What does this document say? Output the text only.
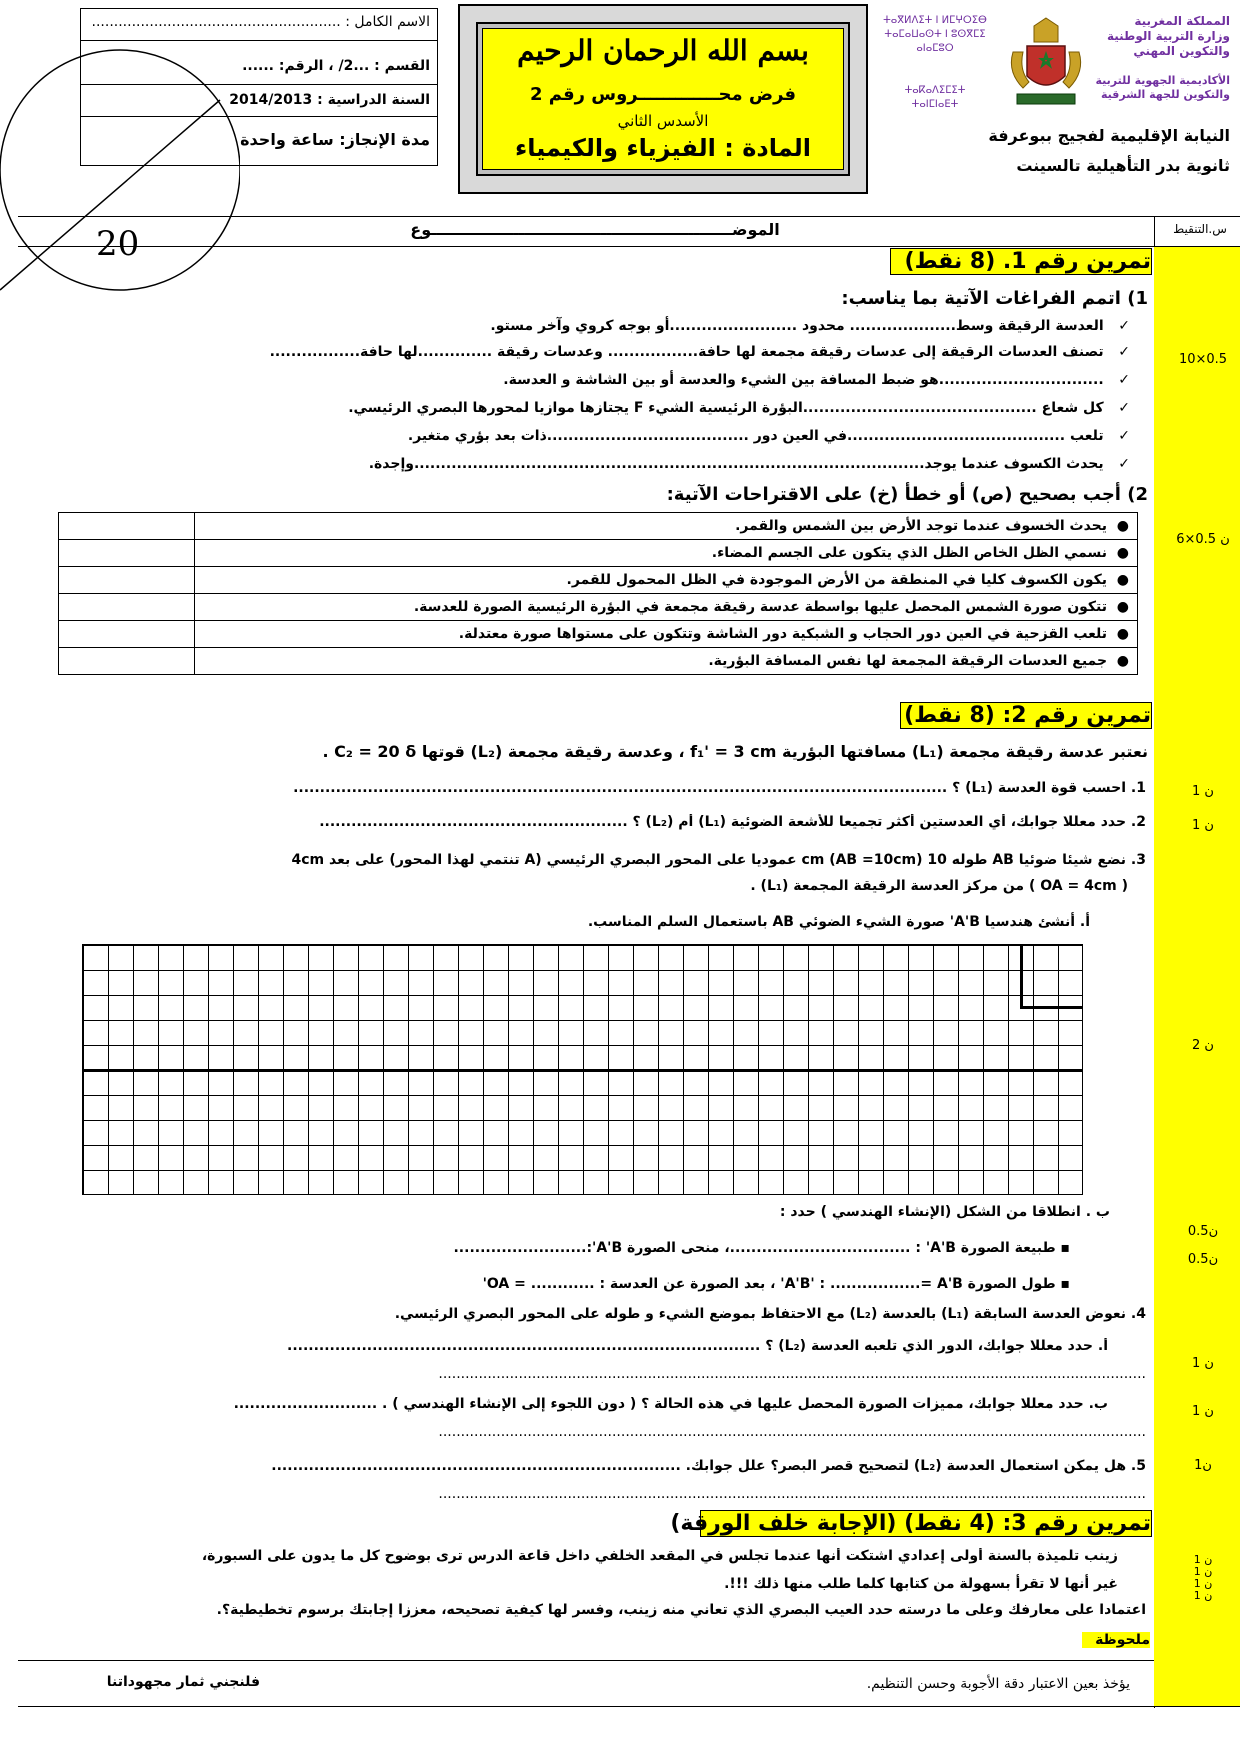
الاسم الكامل : ........................................................
القسم : ...2/ ، الرقم: ......
السنة الدراسية : 2014/2013
مدة الإنجاز: ساعة واحدة
بسم الله الرحمان الرحيم
فرض محـــــــــــــروس رقم 2
الأسدس الثاني
المادة : الفيزياء والكيمياء
المملكة المغربية
وزارة التربية الوطنية والتكوين المهني
الأكاديمية الجهوية للتربية والتكوين للجهة الشرقية
ⵜⴰⴳⵍⴷⵉⵜ ⵏ ⵍⵎⵖⵔⵉⴱ
ⵜⴰⵎⴰⵡⴰⵙⵜ ⵏ ⵓⵙⴳⵎⵉ ⴰⵏⴰⵎⵓⵔ
ⵜⴰⴽⴰⴷⵉⵎⵉⵜ ⵜⴰⵏⵎⵏⴰⴹⵜ
النيابة الإقليمية لفجيج ببوعرفة
ثانوية بدر التأهيلية تالسينت
20	الموضـــــــــــــــــــــــــــــــــــــــــــــــــــــــوع	س.التنقيط
تمرين رقم 1. (8 نقط)
1) اتمم الفراغات الآتية بما يناسب:
10×0.5
✓   العدسة الرقيقة وسط.................... محدود ........................أو بوجه كروي وآخر مستو.
✓   تصنف العدسات الرقيقة إلى عدسات رقيقة مجمعة لها حافة................. وعدسات رقيقة ..............لها حافة.................
✓   ...............................هو ضبط المسافة بين الشيء والعدسة أو بين الشاشة و العدسة.
✓   كل شعاع ............................................البؤرة الرئيسية الشيء F يجتازها موازيا لمحورها البصري الرئيسي.
✓   تلعب .........................................في العين دور ......................................ذات بعد بؤري متغير.
✓   يحدث الكسوف عندما يوجد................................................................................................وإجدة.
2) أجب بصحيح (ص) أو خطأ (خ) على الاقتراحات الآتية:
6×0.5 ن
●  يحدث الخسوف عندما توجد الأرض بين الشمس والقمر.	
●  نسمي الظل الخاص الظل الذي يتكون على الجسم المضاء.	
●  يكون الكسوف كليا في المنطقة من الأرض الموجودة في الظل المحمول للقمر.	
●  تتكون صورة الشمس المحصل عليها بواسطة عدسة رقيقة مجمعة في البؤرة الرئيسية الصورة للعدسة.	
●  تلعب القزحية في العين دور الحجاب و الشبكية دور الشاشة وتتكون على مستواها صورة معتدلة.	
●  جميع العدسات الرقيقة المجمعة لها نفس المسافة البؤرية.	
تمرين رقم 2: (8 نقط)
نعتبر عدسة رقيقة مجمعة (L₁) مسافتها البؤرية f₁' = 3 cm ، وعدسة رقيقة مجمعة (L₂) قوتها C₂ = 20 δ .
1. احسب قوة العدسة (L₁) ؟ ...........................................................................................................................	1 ن
2. حدد معللا جوابك، أي العدستين أكثر تجميعا للأشعة الضوئية (L₁) أم (L₂) ؟ ..........................................................	1 ن
3. نضع شيئا ضوئيا AB طوله 10 cm (AB =10cm) عموديا على المحور البصري الرئيسي (A تنتمي لهذا المحور) على بعد 4cm
( OA = 4cm ) من مركز العدسة الرقيقة المجمعة (L₁) .
أ. أنشئ هندسيا A'B' صورة الشيء الضوئي AB باستعمال السلم المناسب.
2 ن
ب . انطلاقا من الشكل (الإنشاء الهندسي ) حدد :
▪ طبيعة الصورة A'B' : ..................................، منحى الصورة A'B':.........................
0.5ن
▪ طول الصورة A'B' : .................= A'B' ، بعد الصورة عن العدسة : ............ = OA'
0.5ن
4. نعوض العدسة السابقة (L₁) بالعدسة (L₂) مع الاحتفاظ بموضع الشيء و طوله على المحور البصري الرئيسي.
أ. حدد معللا جوابك، الدور الذي تلعبه العدسة (L₂) ؟ .........................................................................................
...............................................................................................................................................................
1 ن
ب. حدد معللا جوابك، مميزات الصورة المحصل عليها في هذه الحالة ؟ ( دون اللجوء إلى الإنشاء الهندسي ) . ...........................
...............................................................................................................................................................
1 ن
5. هل يمكن استعمال العدسة (L₂) لتصحيح قصر البصر؟ علل جوابك. .............................................................................
...............................................................................................................................................................
1ن
تمرين رقم 3: (4 نقط) (الإجابة خلف الورقة)
زينب تلميذة بالسنة أولى إعدادي اشتكت أنها عندما تجلس في المقعد الخلفي داخل قاعة الدرس ترى بوضوح كل ما يدون على السبورة،
غير أنها لا تقرأ بسهولة من كتابها كلما طلب منها ذلك !!!.
اعتمادا على معارفك وعلى ما درسته حدد العيب البصري الذي تعاني منه زينب، وفسر لها كيفية تصحيحه، معززا إجابتك برسوم تخطيطية؟.
1 ن
1 ن
1 ن
1 ن
ملحوظة
يؤخذ بعين الاعتبار دقة الأجوبة وحسن التنظيم.
فلنجني ثمار مجهوداتنا
